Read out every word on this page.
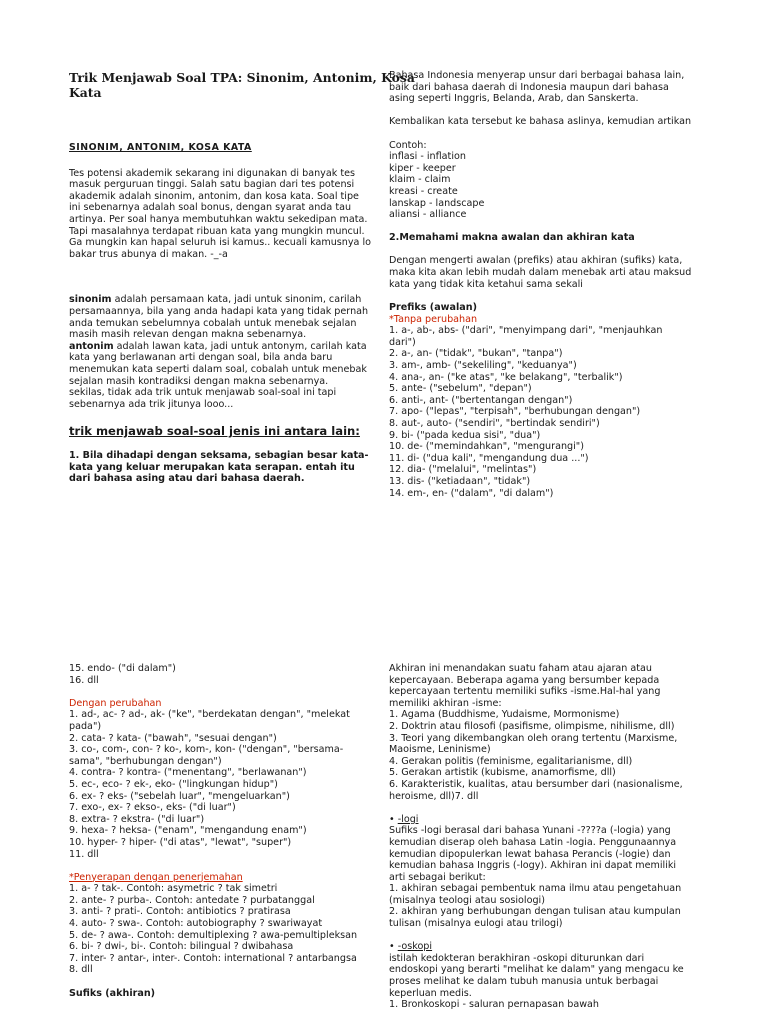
Trik Menjawab Soal TPA: Sinonim, Antonim, Kosa
Kata
SINONIM, ANTONIM, KOSA KATA
Tes potensi akademik sekarang ini digunakan di banyak tes
masuk perguruan tinggi. Salah satu bagian dari tes potensi
akademik adalah sinonim, antonim, dan kosa kata. Soal tipe
ini sebenarnya adalah soal bonus, dengan syarat anda tau
artinya. Per soal hanya membutuhkan waktu sekedipan mata.
Tapi masalahnya terdapat ribuan kata yang mungkin muncul.
Ga mungkin kan hapal seluruh isi kamus.. kecuali kamusnya lo
bakar trus abunya di makan. -_-a
sinonim adalah persamaan kata, jadi untuk sinonim, carilah
persamaannya, bila yang anda hadapi kata yang tidak pernah
anda temukan sebelumnya cobalah untuk menebak sejalan
masih masih relevan dengan makna sebenarnya.
antonim adalah lawan kata, jadi untuk antonym, carilah kata
kata yang berlawanan arti dengan soal, bila anda baru
menemukan kata seperti dalam soal, cobalah untuk menebak
sejalan masih kontradiksi dengan makna sebenarnya.
sekilas, tidak ada trik untuk menjawab soal-soal ini tapi
sebenarnya ada trik jitunya looo...
trik menjawab soal-soal jenis ini antara lain:
1. Bila dihadapi dengan seksama, sebagian besar kata-
kata yang keluar merupakan kata serapan. entah itu
dari bahasa asing atau dari bahasa daerah.
Bahasa Indonesia menyerap unsur dari berbagai bahasa lain,
baik dari bahasa daerah di Indonesia maupun dari bahasa
asing seperti Inggris, Belanda, Arab, dan Sanskerta.
Kembalikan kata tersebut ke bahasa aslinya, kemudian artikan
Contoh:
inflasi - inflation
kiper - keeper
klaim - claim
kreasi - create
lanskap - landscape
aliansi - alliance
2.Memahami makna awalan dan akhiran kata
Dengan mengerti awalan (prefiks) atau akhiran (sufiks) kata,
maka kita akan lebih mudah dalam menebak arti atau maksud
kata yang tidak kita ketahui sama sekali
Prefiks (awalan)
*Tanpa perubahan
1. a-, ab-, abs- ("dari", "menyimpang dari", "menjauhkan
dari")
2. a-, an- ("tidak", "bukan", "tanpa")
3. am-, amb- ("sekeliling", "keduanya")
4. ana-, an- ("ke atas", "ke belakang", "terbalik")
5. ante- ("sebelum", "depan")
6. anti-, ant- ("bertentangan dengan")
7. apo- ("lepas", "terpisah", "berhubungan dengan")
8. aut-, auto- ("sendiri", "bertindak sendiri")
9. bi- ("pada kedua sisi", "dua")
10. de- ("memindahkan", "mengurangi")
11. di- ("dua kali", "mengandung dua ...")
12. dia- ("melalui", "melintas")
13. dis- ("ketiadaan", "tidak")
14. em-, en- ("dalam", "di dalam")
15. endo- ("di dalam")
16. dll
Dengan perubahan
1. ad-, ac- ? ad-, ak- ("ke", "berdekatan dengan", "melekat
pada")
2. cata- ? kata- ("bawah", "sesuai dengan")
3. co-, com-, con- ? ko-, kom-, kon- ("dengan", "bersama-
sama", "berhubungan dengan")
4. contra- ? kontra- ("menentang", "berlawanan")
5. ec-, eco- ? ek-, eko- ("lingkungan hidup")
6. ex- ? eks- ("sebelah luar", "mengeluarkan")
7. exo-, ex- ? ekso-, eks- ("di luar")
8. extra- ? ekstra- ("di luar")
9. hexa- ? heksa- ("enam", "mengandung enam")
10. hyper- ? hiper- ("di atas", "lewat", "super")
11. dll
*Penyerapan dengan penerjemahan
1. a- ? tak-. Contoh: asymetric ? tak simetri
2. ante- ? purba-. Contoh: antedate ? purbatanggal
3. anti- ? prati-. Contoh: antibiotics ? pratirasa
4. auto- ? swa-. Contoh: autobiography ? swariwayat
5. de- ? awa-. Contoh: demultiplexing ? awa-pemultipleksan
6. bi- ? dwi-, bi-. Contoh: bilingual ? dwibahasa
7. inter- ? antar-, inter-. Contoh: international ? antarbangsa
8. dll
Sufiks (akhiran)
Akhiran ini menandakan suatu faham atau ajaran atau
kepercayaan. Beberapa agama yang bersumber kepada
kepercayaan tertentu memiliki sufiks -isme.Hal-hal yang
memiliki akhiran -isme:
1. Agama (Buddhisme, Yudaisme, Mormonisme)
2. Doktrin atau filosofi (pasifisme, olimpisme, nihilisme, dll)
3. Teori yang dikembangkan oleh orang tertentu (Marxisme,
Maoisme, Leninisme)
4. Gerakan politis (feminisme, egalitarianisme, dll)
5. Gerakan artistik (kubisme, anamorfisme, dll)
6. Karakteristik, kualitas, atau bersumber dari (nasionalisme,
heroisme, dll)7. dll
• -logi
Sufiks -logi berasal dari bahasa Yunani -????a (-logia) yang
kemudian diserap oleh bahasa Latin -logia. Penggunaannya
kemudian dipopulerkan lewat bahasa Perancis (-logie) dan
kemudian bahasa Inggris (-logy). Akhiran ini dapat memiliki
arti sebagai berikut:
1. akhiran sebagai pembentuk nama ilmu atau pengetahuan
(misalnya teologi atau sosiologi)
2. akhiran yang berhubungan dengan tulisan atau kumpulan
tulisan (misalnya eulogi atau trilogi)
• -oskopi
istilah kedokteran berakhiran -oskopi diturunkan dari
endoskopi yang berarti "melihat ke dalam" yang mengacu ke
proses melihat ke dalam tubuh manusia untuk berbagai
keperluan medis.
1. Bronkoskopi - saluran pernapasan bawah
